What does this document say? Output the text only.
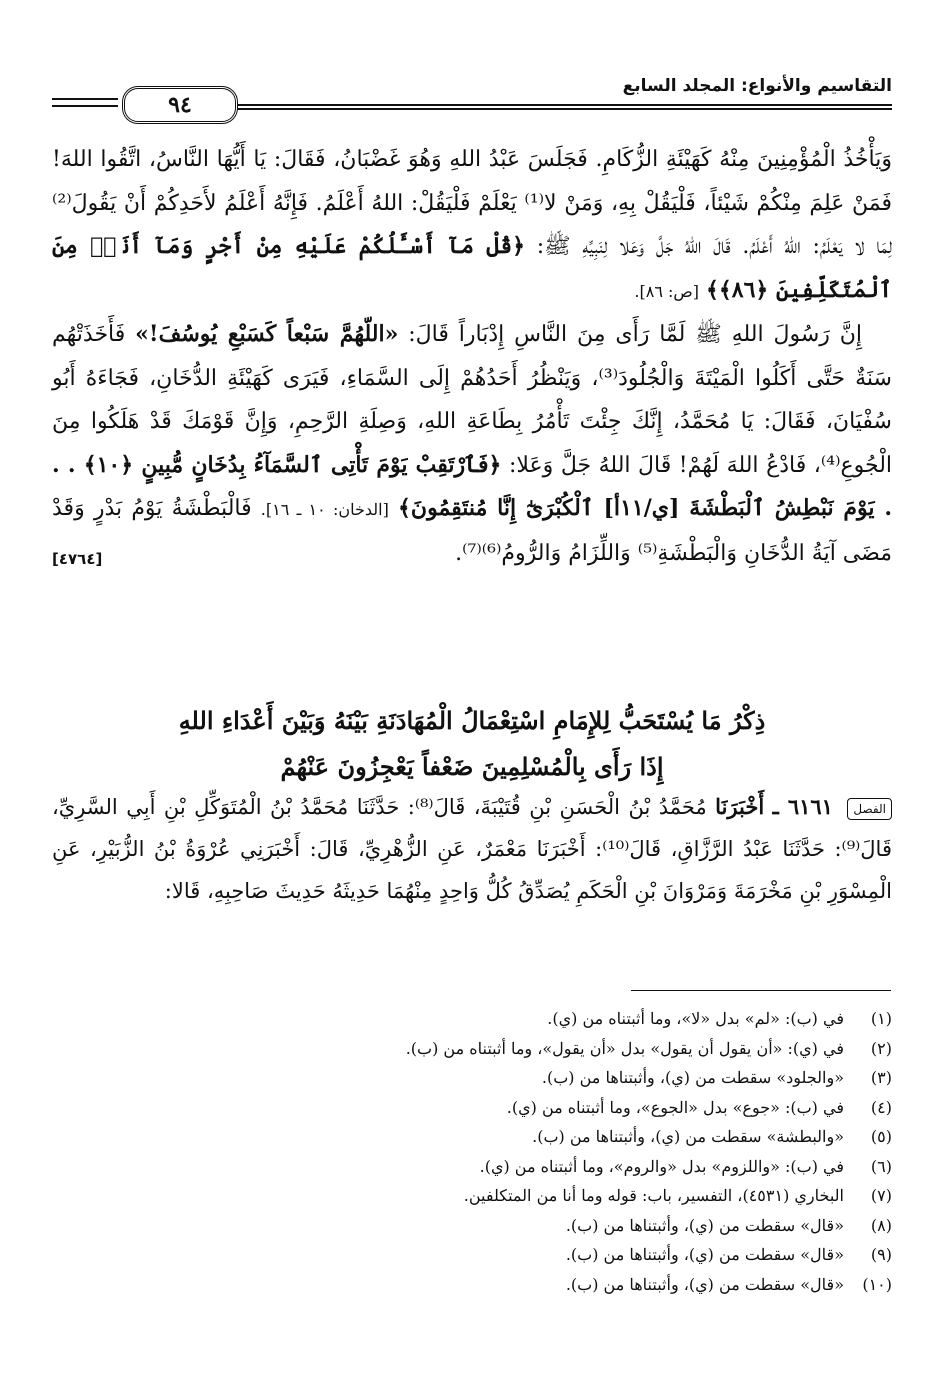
التقاسيم والأنواع: المجلد السابع
٩٤

وَيَأْخُذُ الْمُؤْمِنِينَ مِنْهُ كَهَيْئَةِ الزُّكَامِ. فَجَلَسَ عَبْدُ اللهِ وَهُوَ غَضْبَانُ، فَقَالَ: يَا أَيُّهَا النَّاسُ، اتَّقُوا اللهَ! فَمَنْ عَلِمَ مِنْكُمْ شَيْئاً، فَلْيَقُلْ بِهِ، وَمَنْ لا⁽¹⁾ يَعْلَمْ فَلْيَقُلْ: اللهُ أَعْلَمُ. فَإِنَّهُ أَعْلَمُ لأَحَدِكُمْ أَنْ يَقُولَ⁽²⁾ لِمَا لا يَعْلَمُ: اللهُ أَعْلَمُ. قَالَ اللهُ جَلَّ وَعَلا لِنَبِيِّهِ ﷺ: ﴿قُلْ مَآ أَسْـَٔلُكُمْ عَلَيْهِ مِنْ أَجْرٍ وَمَآ أَنَا۠ مِنَ ٱلْمُتَكَلِّفِينَ ﴿٨٦﴾﴾ [ص: ٨٦].

إِنَّ رَسُولَ اللهِ ﷺ لَمَّا رَأَى مِنَ النَّاسِ إِدْبَاراً قَالَ: «اللّهُمَّ سَبْعاً كَسَبْعِ يُوسُفَ!» فَأَخَذَتْهُم سَنَةٌ حَتَّى أَكَلُوا الْمَيْتَةَ وَالْجُلُودَ⁽³⁾، وَيَنْظُرُ أَحَدُهُمْ إِلَى السَّمَاءِ، فَيَرَى كَهَيْئَةِ الدُّخَانِ، فَجَاءَهُ أَبُو سُفْيَانَ، فَقَالَ: يَا مُحَمَّدُ، إِنَّكَ جِئْتَ تَأْمُرُ بِطَاعَةِ اللهِ، وَصِلَةِ الرَّحِمِ، وَإِنَّ قَوْمَكَ قَدْ هَلَكُوا مِنَ الْجُوعِ⁽⁴⁾، فَادْعُ اللهَ لَهُمْ! قَالَ اللهُ جَلَّ وَعَلا: ﴿فَٱرْتَقِبْ يَوْمَ تَأْتِى ٱلسَّمَآءُ بِدُخَانٍ مُّبِينٍ ﴿١٠﴾ . . . يَوْمَ نَبْطِشُ ٱلْبَطْشَةَ [ي/١١أ] ٱلْكُبْرَىٰٓ إِنَّا مُنتَقِمُونَ﴾ [الدخان: ١٠ ـ ١٦]. فَالْبَطْشَةُ يَوْمُ بَدْرٍ وَقَدْ مَضَى آيَةُ الدُّخَانِ وَالْبَطْشَةِ⁽⁵⁾ وَاللِّزَامُ وَالرُّومُ⁽⁶⁾⁽⁷⁾.
[٤٧٦٤]

ذِكْرُ مَا يُسْتَحَبُّ لِلإِمَامِ اسْتِعْمَالُ الْمُهَادَنَةِ بَيْنَهُ وَبَيْنَ أَعْدَاءِ اللهِ
إِذَا رَأَى بِالْمُسْلِمِينَ ضَعْفاً يَعْجِزُونَ عَنْهُمْ
الفصل ٦١٦١ ـ أَخْبَرَنَا مُحَمَّدُ بْنُ الْحَسَنِ بْنِ قُتَيْبَةَ، قَالَ⁽⁸⁾: حَدَّثَنَا مُحَمَّدُ بْنُ الْمُتَوَكِّلِ بْنِ أَبِي السَّرِيِّ، قَالَ⁽⁹⁾: حَدَّثَنَا عَبْدُ الرَّزَّاقِ، قَالَ⁽¹⁰⁾: أَخْبَرَنَا مَعْمَرٌ، عَنِ الزُّهْرِيِّ، قَالَ: أَخْبَرَنِي عُرْوَةُ بْنُ الزُّبَيْرِ، عَنِ الْمِسْوَرِ بْنِ مَخْرَمَةَ وَمَرْوَانَ بْنِ الْحَكَمِ يُصَدِّقُ كُلُّ وَاحِدٍ مِنْهُمَا حَدِيثَهُ حَدِيثَ صَاحِبِهِ، قَالا:
(١)في (ب): «لم» بدل «لا»، وما أثبتناه من (ي).
(٢)في (ي): «أن يقول أن يقول» بدل «أن يقول»، وما أثبتناه من (ب).
(٣)«والجلود» سقطت من (ي)، وأثبتناها من (ب).
(٤)في (ب): «جوع» بدل «الجوع»، وما أثبتناه من (ي).
(٥)«والبطشة» سقطت من (ي)، وأثبتناها من (ب).
(٦)في (ب): «واللزوم» بدل «والروم»، وما أثبتناه من (ي).
(٧)البخاري (٤٥٣١)، التفسير، باب: قوله وما أنا من المتكلفين.
(٨)«قال» سقطت من (ي)، وأثبتناها من (ب).
(٩)«قال» سقطت من (ي)، وأثبتناها من (ب).
(١٠)«قال» سقطت من (ي)، وأثبتناها من (ب).
